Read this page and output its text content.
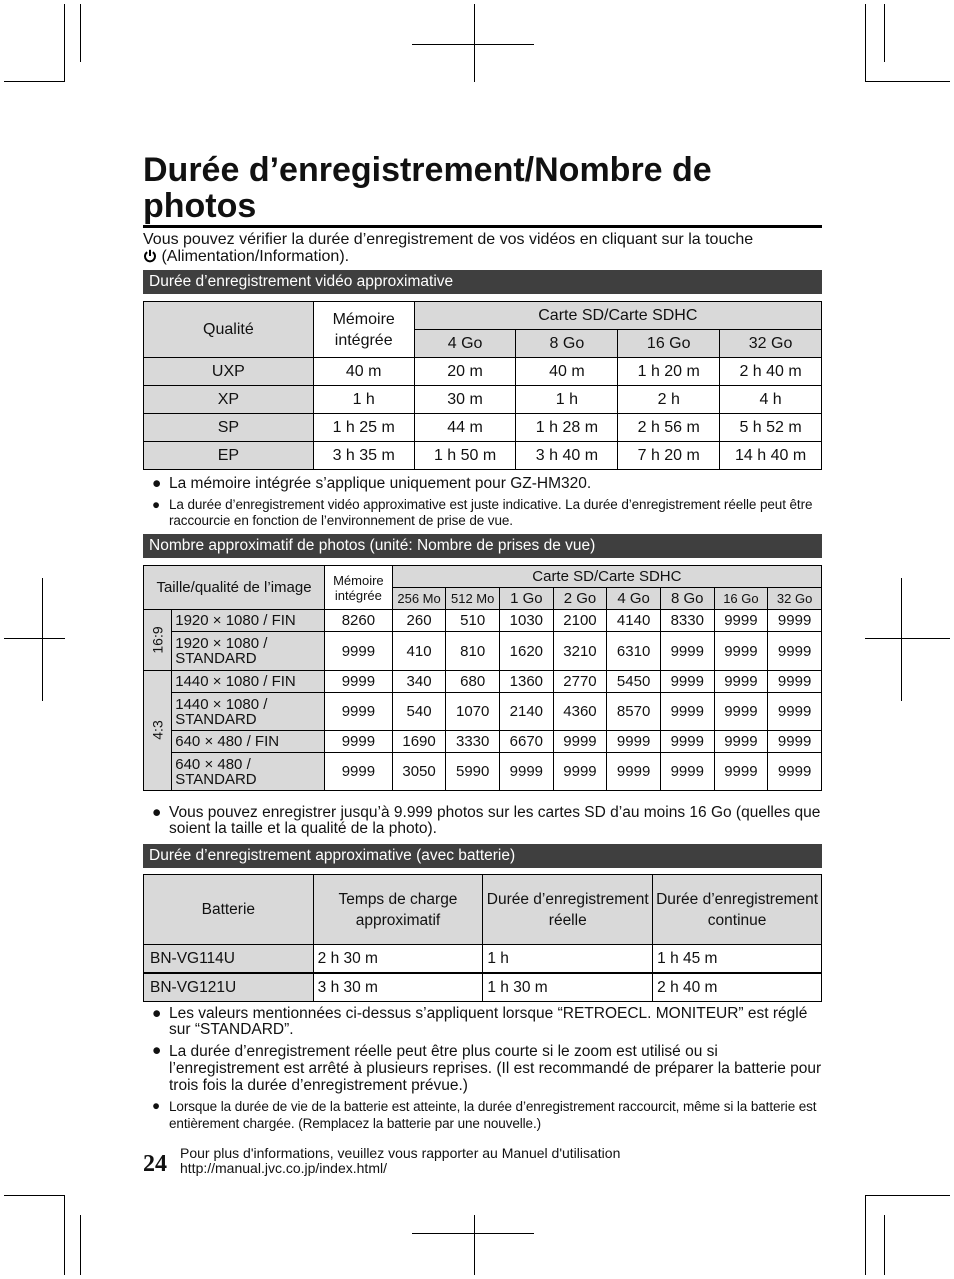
Durée d’enregistrement/Nombre de photos
Vous pouvez vérifier la durée d’enregistrement de vos vidéos en cliquant sur la touche
(Alimentation/Information).
Durée d’enregistrement vidéo approximative
Qualité	Mémoire intégrée	Carte SD/Carte SDHC			
		4 Go	8 Go	16 Go	32 Go
UXP	40 m	20 m	40 m	1 h 20 m	2 h 40 m
XP	1 h	30 m	1 h	2 h	4 h
SP	1 h 25 m	44 m	1 h 28 m	2 h 56 m	5 h 52 m
EP	3 h 35 m	1 h 50 m	3 h 40 m	7 h 20 m	14 h 40 m
● La mémoire intégrée s’applique uniquement pour GZ-HM320.
● La durée d’enregistrement vidéo approximative est juste indicative. La durée d’enregistrement réelle peut être raccourcie en fonction de l’environnement de prise de vue.
Nombre approximatif de photos (unité: Nombre de prises de vue)
Taille/qualité de l’image		Mémoire intégrée	Carte SD/Carte SDHC							
			256 Mo	512 Mo	1 Go	2 Go	4 Go	8 Go	16 Go	32 Go
16:9	1920 × 1080 / FIN	8260	260	510	1030	2100	4140	8330	9999	9999
	1920 × 1080 / STANDARD	9999	410	810	1620	3210	6310	9999	9999	9999
4:3	1440 × 1080 / FIN	9999	340	680	1360	2770	5450	9999	9999	9999
	1440 × 1080 / STANDARD	9999	540	1070	2140	4360	8570	9999	9999	9999
	640 × 480 / FIN	9999	1690	3330	6670	9999	9999	9999	9999	9999
	640 × 480 / STANDARD	9999	3050	5990	9999	9999	9999	9999	9999	9999
● Vous pouvez enregistrer jusqu’à 9.999 photos sur les cartes SD d’au moins 16 Go (quelles que soient la taille et la qualité de la photo).
Durée d’enregistrement approximative (avec batterie)
Batterie	Temps de charge approximatif	Durée d’enregistrement réelle	Durée d’enregistrement continue
BN-VG114U	2 h 30 m	1 h	1 h 45 m
BN-VG121U	3 h 30 m	1 h 30 m	2 h 40 m
● Les valeurs mentionnées ci-dessus s’appliquent lorsque “RETROECL. MONITEUR” est réglé sur “STANDARD”.
● La durée d’enregistrement réelle peut être plus courte si le zoom est utilisé ou si l’enregistrement est arrêté à plusieurs reprises. (Il est recommandé de préparer la batterie pour trois fois la durée d’enregistrement prévue.)
● Lorsque la durée de vie de la batterie est atteinte, la durée d’enregistrement raccourcit, même si la batterie est entièrement chargée. (Remplacez la batterie par une nouvelle.)
24 Pour plus d'informations, veuillez vous rapporter au Manuel d'utilisation
http://manual.jvc.co.jp/index.html/
